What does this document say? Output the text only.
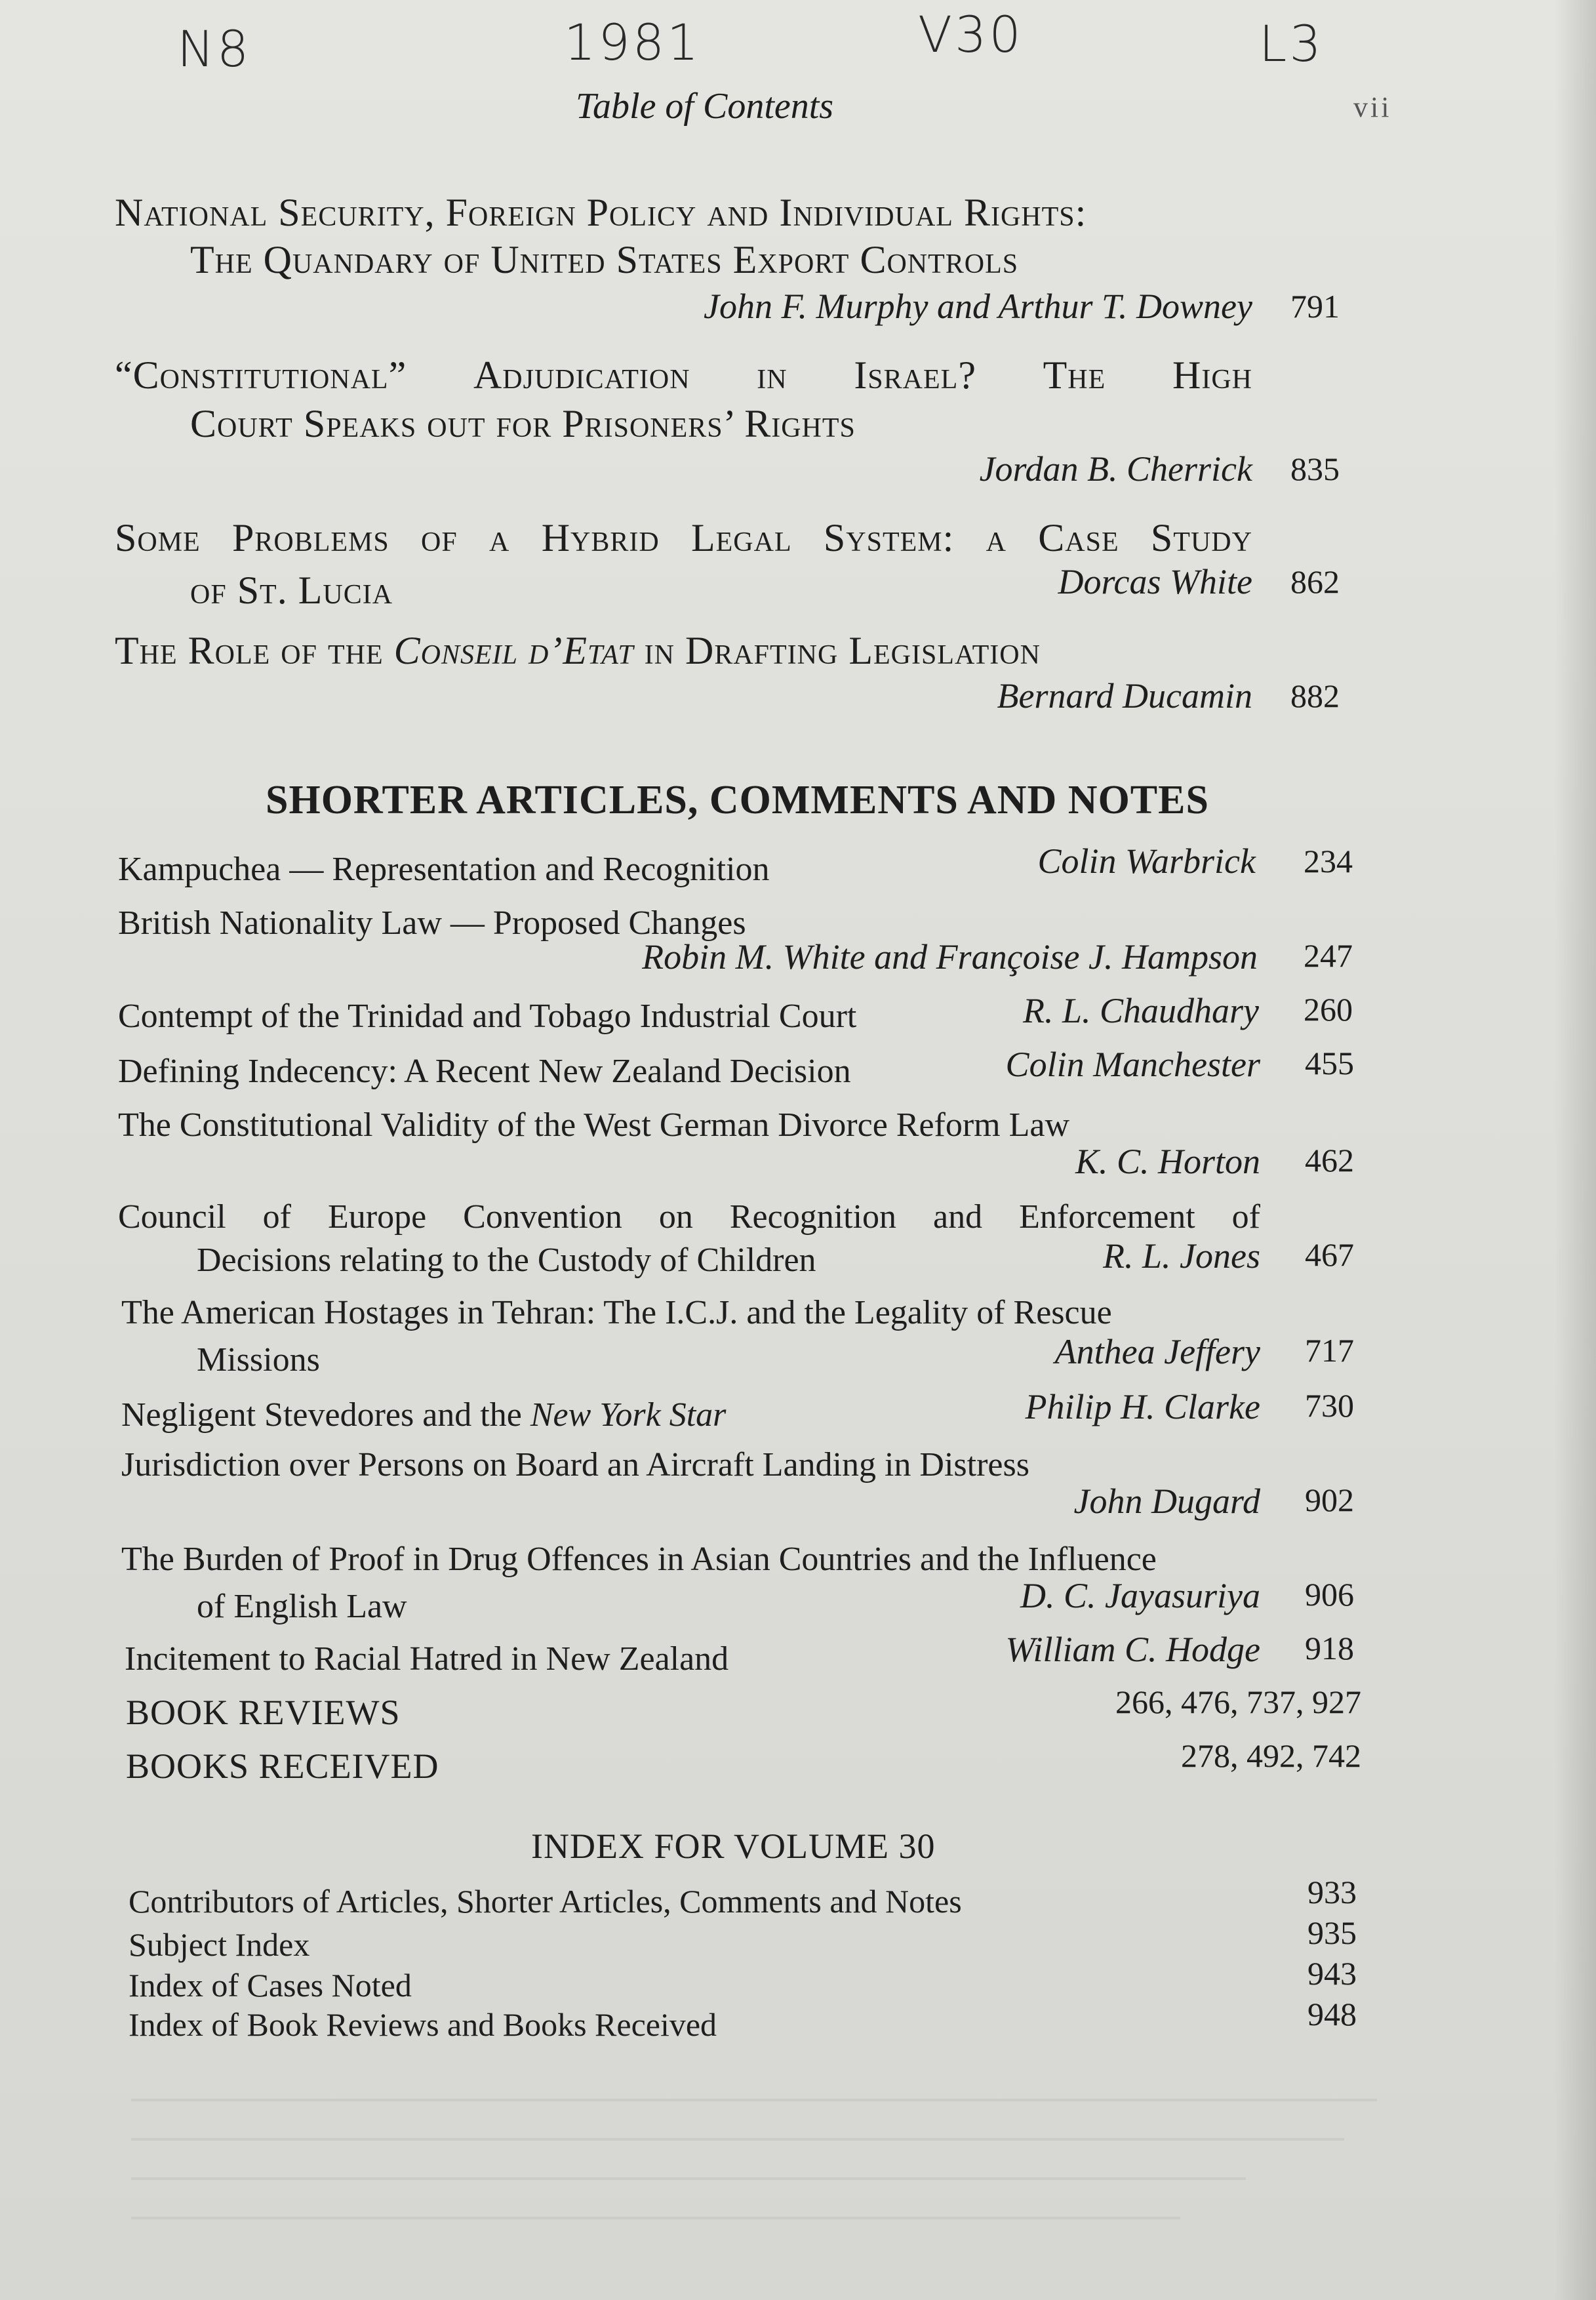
N8	1981	V30	L3
Table of Contents	vii
National Security, Foreign Policy and Individual Rights:
The Quandary of United States Export Controls
John F. Murphy and Arthur T. Downey 791
“Constitutional” Adjudication in Israel? The High
Court Speaks out for Prisoners’ Rights
Jordan B. Cherrick 835
Some Problems of a Hybrid Legal System: a Case Study
of St. Lucia	Dorcas White 862
The Role of the Conseil d’Etat in Drafting Legislation
Bernard Ducamin 882
SHORTER ARTICLES, COMMENTS AND NOTES
Kampuchea — Representation and Recognition	Colin Warbrick 234
British Nationality Law — Proposed Changes
Robin M. White and Françoise J. Hampson 247
Contempt of the Trinidad and Tobago Industrial Court	R. L. Chaudhary 260
Defining Indecency: A Recent New Zealand Decision	Colin Manchester 455
The Constitutional Validity of the West German Divorce Reform Law
K. C. Horton 462
Council of Europe Convention on Recognition and Enforcement of
Decisions relating to the Custody of Children	R. L. Jones 467
The American Hostages in Tehran: The I.C.J. and the Legality of Rescue
Missions	Anthea Jeffery 717
Negligent Stevedores and the New York Star	Philip H. Clarke 730
Jurisdiction over Persons on Board an Aircraft Landing in Distress
John Dugard 902
The Burden of Proof in Drug Offences in Asian Countries and the Influence
of English Law	D. C. Jayasuriya 906
Incitement to Racial Hatred in New Zealand	William C. Hodge 918
BOOK REVIEWS	266, 476, 737, 927
BOOKS RECEIVED	278, 492, 742
INDEX FOR VOLUME 30
Contributors of Articles, Shorter Articles, Comments and Notes	933
Subject Index	935
Index of Cases Noted	943
Index of Book Reviews and Books Received	948
